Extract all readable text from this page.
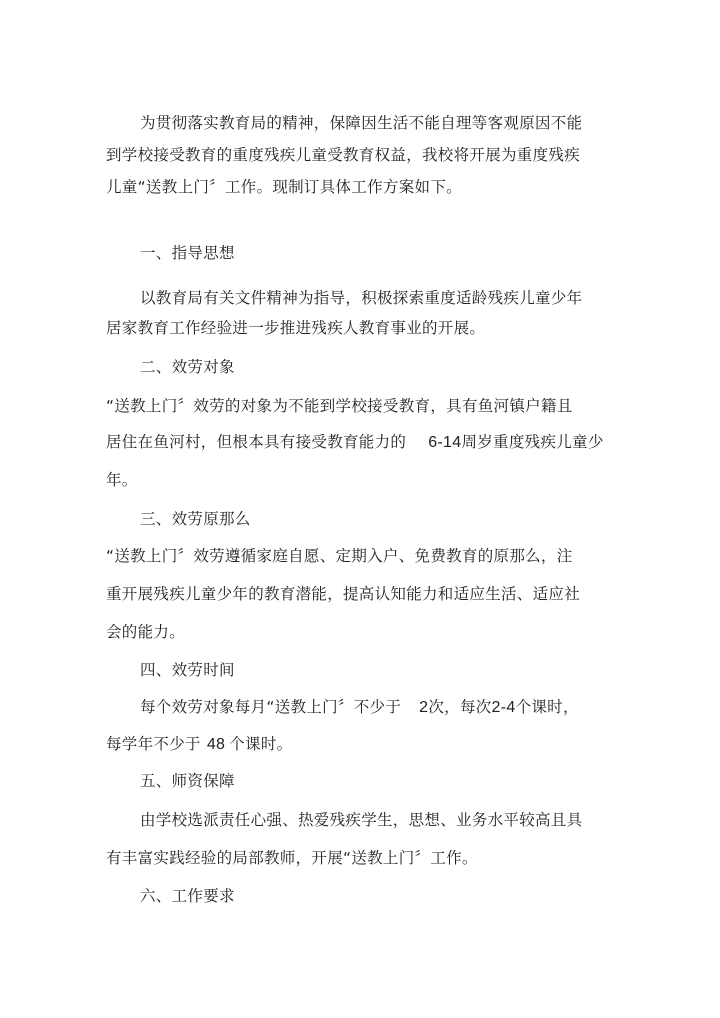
为贯彻落实教育局的精神，保障因生活不能自理等客观原因不能
到学校接受教育的重度残疾儿童受教育权益，我校将开展为重度残疾
儿童“送教上门〞工作。现制订具体工作方案如下。
一、指导思想
以教育局有关文件精神为指导，积极探索重度适龄残疾儿童少年
居家教育工作经验进一步推进残疾人教育事业的开展。
二、效劳对象
“送教上门〞效劳的对象为不能到学校接受教育，具有鱼河镇户籍且
居住在鱼河村，但根本具有接受教育能力的 6-14周岁重度残疾儿童少
年。
三、效劳原那么
“送教上门〞效劳遵循家庭自愿、定期入户、免费教育的原那么，注
重开展残疾儿童少年的教育潜能，提高认知能力和适应生活、适应社
会的能力。
四、效劳时间
每个效劳对象每月“送教上门〞不少于 2次，每次2-4个课时，
每学年不少于 48 个课时。
五、师资保障
由学校选派责任心强、热爱残疾学生，思想、业务水平较高且具
有丰富实践经验的局部教师，开展“送教上门〞工作。
六、工作要求
